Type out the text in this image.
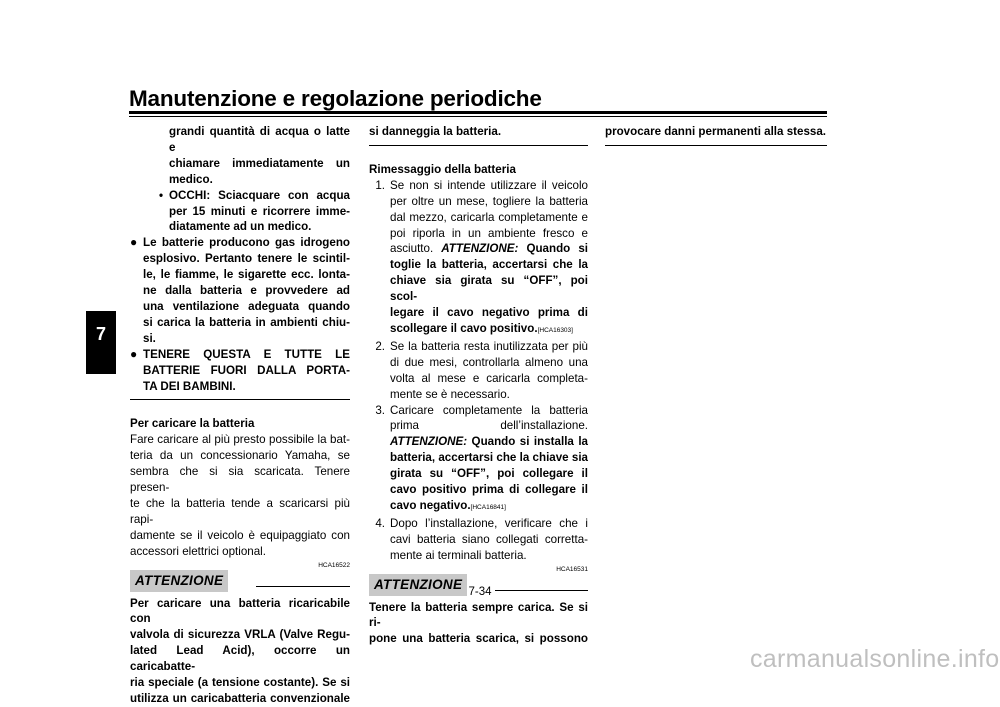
Manutenzione e regolazione periodiche
7

grandi quantità di acqua o latte e

chiamare immediatamente un

medico.

• OCCHI: Sciacquare con acqua

per 15 minuti e ricorrere imme-

diatamente ad un medico.

● Le batterie producono gas idrogeno

esplosivo. Pertanto tenere le scintil-

le, le fiamme, le sigarette ecc. lonta-

ne dalla batteria e provvedere ad

una ventilazione adeguata quando

si carica la batteria in ambienti chiu-

si.

● TENERE QUESTA E TUTTE LE

BATTERIE FUORI DALLA PORTA-

TA DEI BAMBINI.

Per caricare la batteria

Fare caricare al più presto possibile la bat-

teria da un concessionario Yamaha, se

sembra che si sia scaricata. Tenere presen-

te che la batteria tende a scaricarsi più rapi-

damente se il veicolo è equipaggiato con

accessori elettrici optional.

HCA16522
ATTENZIONE

Per caricare una batteria ricaricabile con

valvola di sicurezza VRLA (Valve Regu-

lated Lead Acid), occorre un caricabatte-

ria speciale (a tensione costante). Se si

utilizza un caricabatteria convenzionale

si danneggia la batteria.

Rimessaggio della batteria

1. Se non si intende utilizzare il veicolo

per oltre un mese, togliere la batteria

dal mezzo, caricarla completamente e

poi riporla in un ambiente fresco e

asciutto. ATTENZIONE: Quando si

toglie la batteria, accertarsi che la

chiave sia girata su “OFF”, poi scol-

legare il cavo negativo prima di

scollegare il cavo positivo.[HCA16303]

2. Se la batteria resta inutilizzata per più

di due mesi, controllarla almeno una

volta al mese e caricarla completa-

mente se è necessario.

3. Caricare completamente la batteria

prima dell’installazione.

ATTENZIONE: Quando si installa la

batteria, accertarsi che la chiave sia

girata su “OFF”, poi collegare il

cavo positivo prima di collegare il

cavo negativo.[HCA16841]

4. Dopo l’installazione, verificare che i

cavi batteria siano collegati corretta-

mente ai terminali batteria.

HCA16531
ATTENZIONE

Tenere la batteria sempre carica. Se si ri-

pone una batteria scarica, si possono

provocare danni permanenti alla stessa.

7-34
carmanualsonline.info
